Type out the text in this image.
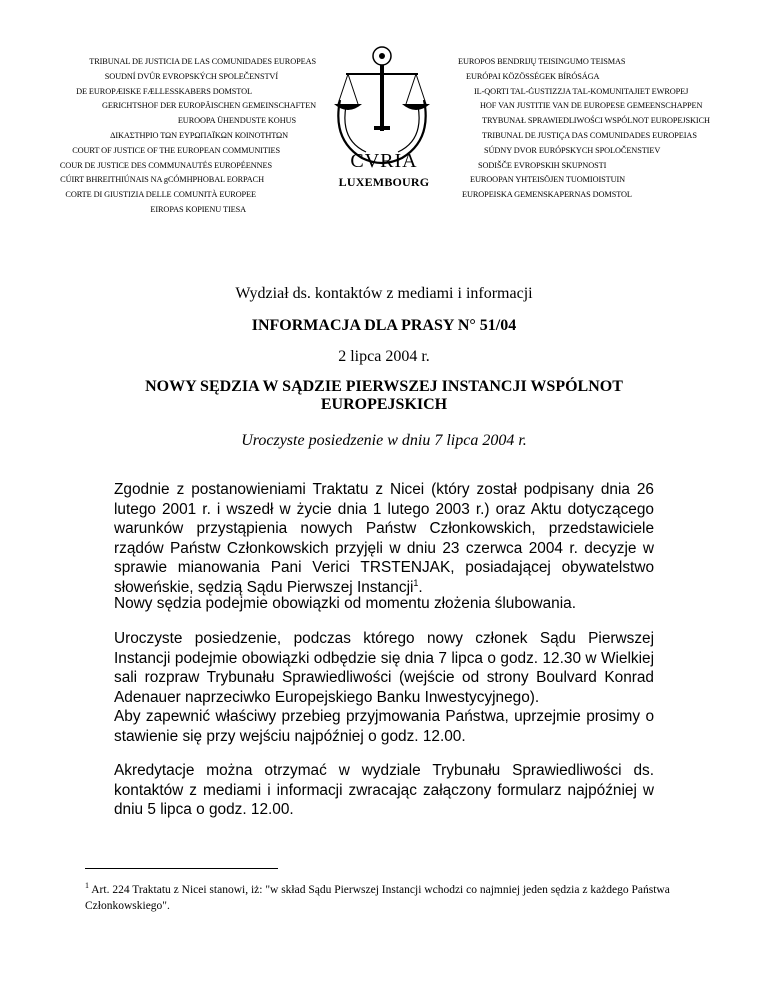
TRIBUNAL DE JUSTICIA DE LAS COMUNIDADES EUROPEAS
SOUDNÍ DVŮR EVROPSKÝCH SPOLEČENSTVÍ
DE EUROPÆISKE FÆLLESSKABERS DOMSTOL
GERICHTSHOF DER EUROPÄISCHEN GEMEINSCHAFTEN
EUROOPA ÜHENDUSTE KOHUS
ΔΙΚΑΣΤΗΡΙΟ ΤΩΝ ΕΥΡΩΠΑΪΚΩΝ ΚΟΙΝΟΤΗΤΩΝ
COURT OF JUSTICE OF THE EUROPEAN COMMUNITIES
COUR DE JUSTICE DES COMMUNAUTÉS EUROPÉENNES
CÚIRT BHREITHIÚNAIS NA gCÓMHPHOBAL EORPACH
CORTE DI GIUSTIZIA DELLE COMUNITÀ EUROPEE
EIROPAS KOPIENU TIESA
CVRIA
LUXEMBOURG
EUROPOS BENDRIJŲ TEISINGUMO TEISMAS
EURÓPAI KÖZÖSSÉGEK BÍRÓSÁGA
IL-QORTI TAL-ĠUSTIZZJA TAL-KOMUNITAJIET EWROPEJ
HOF VAN JUSTITIE VAN DE EUROPESE GEMEENSCHAPPEN
TRYBUNAŁ SPRAWIEDLIWOŚCI WSPÓLNOT EUROPEJSKICH
TRIBUNAL DE JUSTIÇA DAS COMUNIDADES EUROPEIAS
SÚDNY DVOR EURÓPSKYCH SPOLOČENSTIEV
SODIŠČE EVROPSKIH SKUPNOSTI
EUROOPAN YHTEISÖJEN TUOMIOISTUIN
EUROPEISKA GEMENSKAPERNAS DOMSTOL
Wydział ds. kontaktów z mediami i informacji
INFORMACJA DLA PRASY N° 51/04
2 lipca 2004 r.
NOWY SĘDZIA W SĄDZIE PIERWSZEJ INSTANCJI WSPÓLNOT
EUROPEJSKICH
Uroczyste posiedzenie w dniu 7 lipca 2004 r.
Zgodnie z postanowieniami Traktatu z Nicei (który został podpisany dnia 26 lutego 2001 r. i wszedł w życie dnia 1 lutego 2003 r.) oraz Aktu dotyczącego warunków przystąpienia nowych Państw Członkowskich, przedstawiciele rządów Państw Członkowskich przyjęli w dniu 23 czerwca 2004 r. decyzje w sprawie mianowania Pani Verici TRSTENJAK, posiadającej obywatelstwo słoweńskie, sędzią Sądu Pierwszej Instancji$^1$.
Nowy sędzia podejmie obowiązki od momentu złożenia ślubowania.
Uroczyste posiedzenie, podczas którego nowy członek Sądu Pierwszej Instancji podejmie obowiązki odbędzie się dnia 7 lipca o godz. 12.30 w Wielkiej sali rozpraw Trybunału Sprawiedliwości (wejście od strony Boulvard Konrad Adenauer naprzeciwko Europejskiego Banku Inwestycyjnego).
Aby zapewnić właściwy przebieg przyjmowania Państwa, uprzejmie prosimy o stawienie się przy wejściu najpóźniej o godz. 12.00.
Akredytacje można otrzymać w wydziale Trybunału Sprawiedliwości ds. kontaktów z mediami i informacji zwracając załączony formularz najpóźniej w dniu 5 lipca o godz. 12.00.
$^1$ Art. 224 Traktatu z Nicei stanowi, iż: "w skład Sądu Pierwszej Instancji wchodzi co najmniej jeden sędzia z każdego Państwa Członkowskiego".
